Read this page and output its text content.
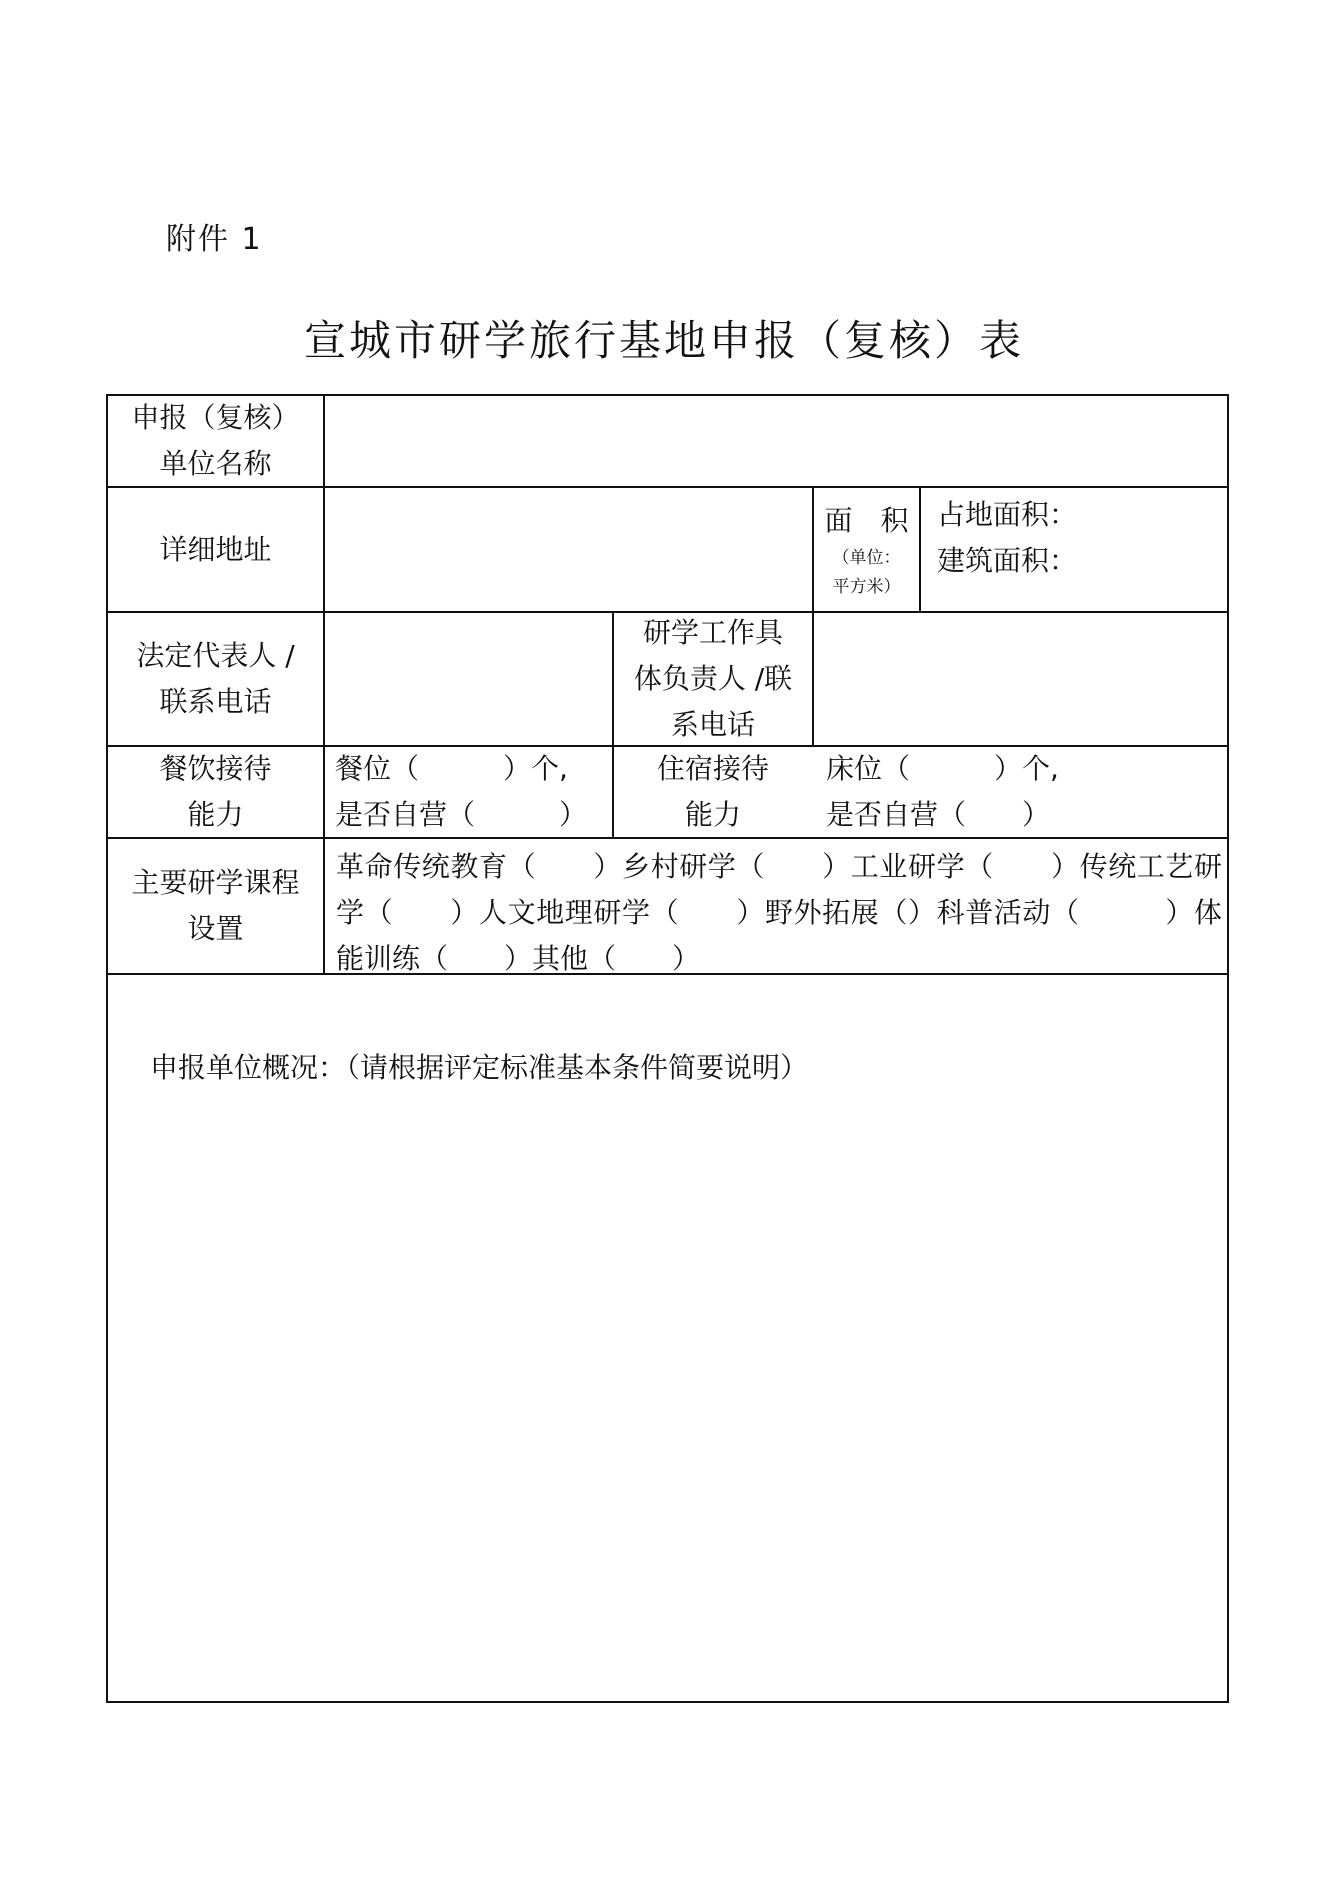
附件 1
宣城市研学旅行基地申报（复核）表
申报（复核）
单位名称
详细地址
面　积
（单位：
平方米）
占地面积：
建筑面积：
法定代表人 /
联系电话
研学工作具
体负责人 /联
系电话
餐饮接待
能力
餐位（　　　）个,
是否自营（　　　）
住宿接待
能力
床位（　　　）个,
是否自营（　　）
主要研学课程
设置
革命传统教育（　　）乡村研学（　　）工业研学（　　）传统工艺研学（　　）人文地理研学（　　）野外拓展（）科普活动（　　　）体能训练（　　）其他（　　）
申报单位概况：（请根据评定标准基本条件简要说明）
